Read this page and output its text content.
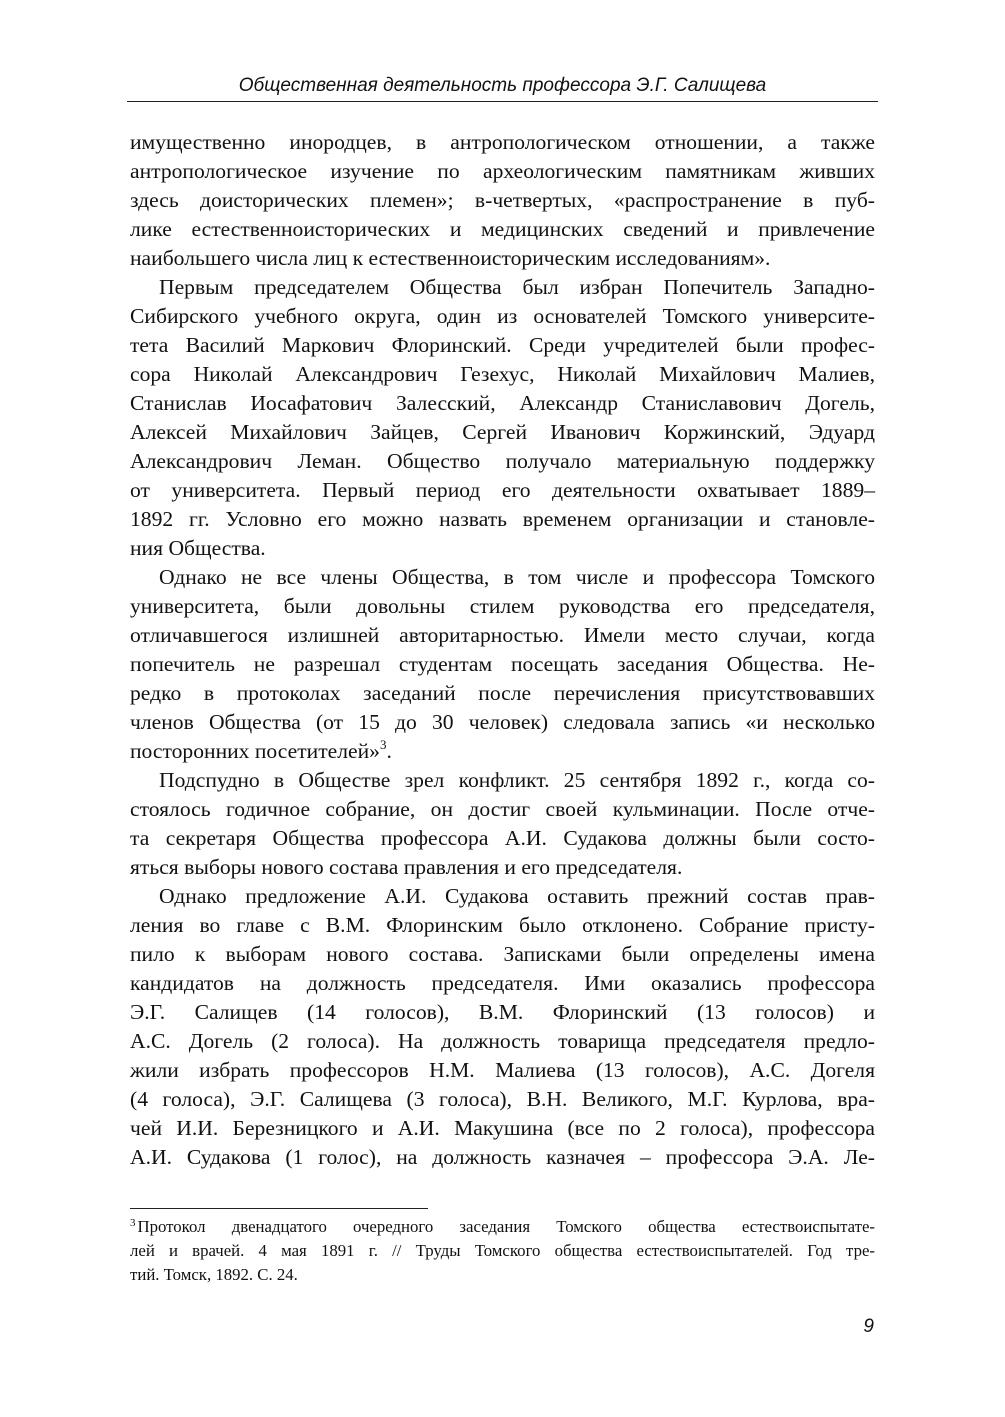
Общественная деятельность профессора Э.Г. Салищева
имущественно инородцев, в антропологическом отношении, а также
антропологическое изучение по археологическим памятникам живших
здесь доисторических племен»; в-четвертых, «распространение в пуб-
лике естественноисторических и медицинских сведений и привлечение
наибольшего числа лиц к естественноисторическим исследованиям».
Первым председателем Общества был избран Попечитель Западно-
Сибирского учебного округа, один из основателей Томского университе-
тета Василий Маркович Флоринский. Среди учредителей были профес-
сора Николай Александрович Гезехус, Николай Михайлович Малиев,
Станислав Иосафатович Залесский, Александр Станиславович Догель,
Алексей Михайлович Зайцев, Сергей Иванович Коржинский, Эдуард
Александрович Леман. Общество получало материальную поддержку
от университета. Первый период его деятельности охватывает 1889–
1892 гг. Условно его можно назвать временем организации и становле-
ния Общества.
Однако не все члены Общества, в том числе и профессора Томского
университета, были довольны стилем руководства его председателя,
отличавшегося излишней авторитарностью. Имели место случаи, когда
попечитель не разрешал студентам посещать заседания Общества. Не-
редко в протоколах заседаний после перечисления присутствовавших
членов Общества (от 15 до 30 человек) следовала запись «и несколько
посторонних посетителей»$^3$.
Подспудно в Обществе зрел конфликт. 25 сентября 1892 г., когда со-
стоялось годичное собрание, он достиг своей кульминации. После отче-
та секретаря Общества профессора А.И. Судакова должны были состо-
яться выборы нового состава правления и его председателя.
Однако предложение А.И. Судакова оставить прежний состав прав-
ления во главе с В.М. Флоринским было отклонено. Собрание присту-
пило к выборам нового состава. Записками были определены имена
кандидатов на должность председателя. Ими оказались профессора
Э.Г. Салищев (14 голосов), В.М. Флоринский (13 голосов) и
А.С. Догель (2 голоса). На должность товарища председателя предло-
жили избрать профессоров Н.М. Малиева (13 голосов), А.С. Догеля
(4 голоса), Э.Г. Салищева (3 голоса), В.Н. Великого, М.Г. Курлова, вра-
чей И.И. Березницкого и А.И. Макушина (все по 2 голоса), профессора
А.И. Судакова (1 голос), на должность казначея – профессора Э.А. Ле-
$^3$ Протокол двенадцатого очередного заседания Томского общества естествоиспытате-
лей и врачей. 4 мая 1891 г. // Труды Томского общества естествоиспытателей. Год тре-
тий. Томск, 1892. С. 24.
9
